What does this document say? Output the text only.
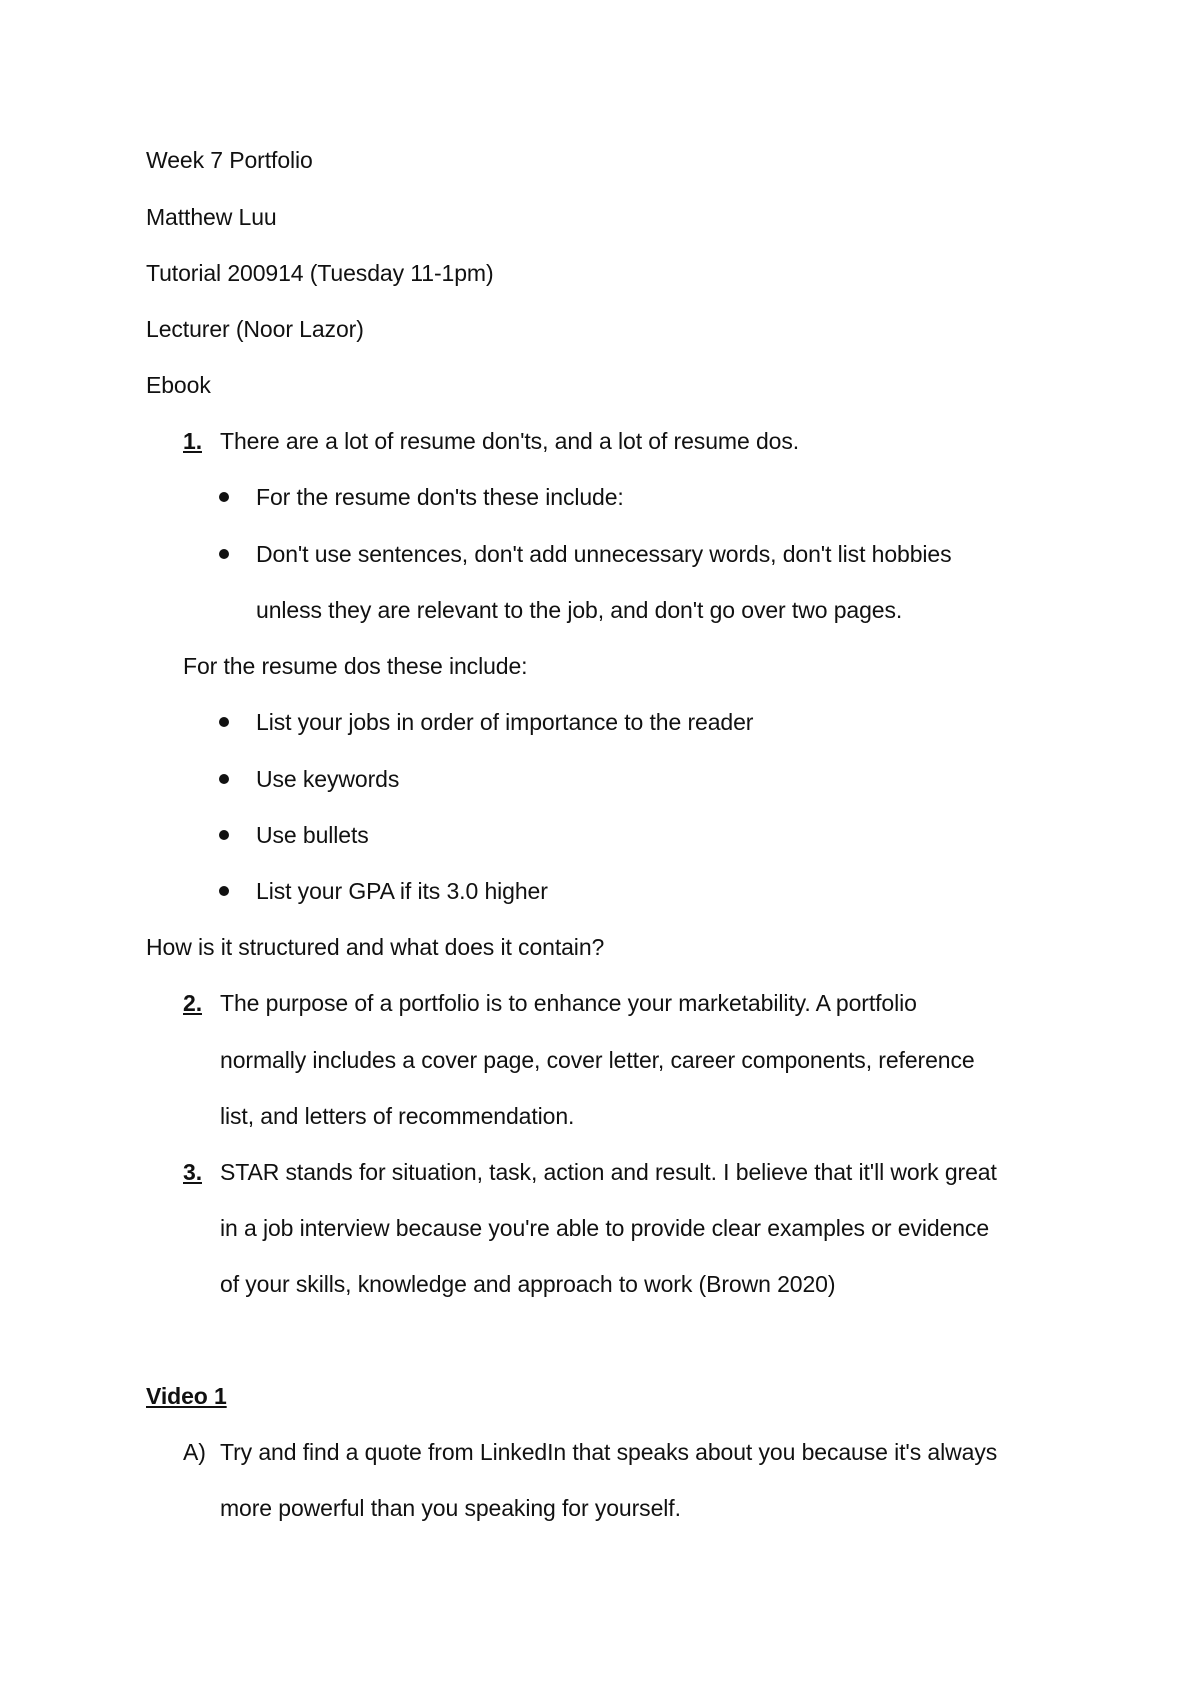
Week 7 Portfolio
Matthew Luu
Tutorial 200914 (Tuesday 11-1pm)
Lecturer (Noor Lazor)
Ebook
1. There are a lot of resume don'ts, and a lot of resume dos.
For the resume don'ts these include:
Don't use sentences, don't add unnecessary words, don't list hobbies
unless they are relevant to the job, and don't go over two pages.
For the resume dos these include:
List your jobs in order of importance to the reader
Use keywords
Use bullets
List your GPA if its 3.0 higher
How is it structured and what does it contain?
2. The purpose of a portfolio is to enhance your marketability. A portfolio
normally includes a cover page, cover letter, career components, reference
list, and letters of recommendation.
3. STAR stands for situation, task, action and result. I believe that it'll work great
in a job interview because you're able to provide clear examples or evidence
of your skills, knowledge and approach to work (Brown 2020)
Video 1
A) Try and find a quote from LinkedIn that speaks about you because it's always
more powerful than you speaking for yourself.
